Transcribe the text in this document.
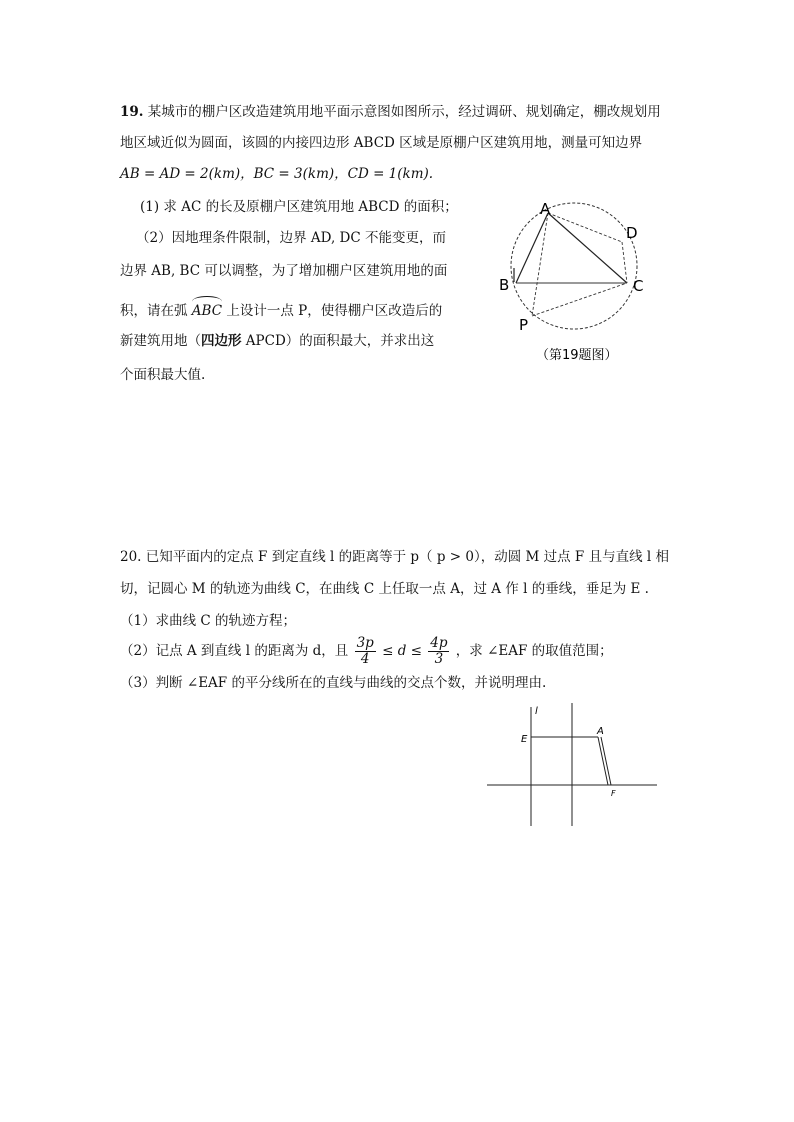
19. 某城市的棚户区改造建筑用地平面示意图如图所示，经过调研、规划确定，棚改规划用
地区域近似为圆面，该圆的内接四边形 ABCD 区域是原棚户区建筑用地，测量可知边界
AB = AD = 2(km)，BC = 3(km)，CD = 1(km).
(1) 求 AC 的长及原棚户区建筑用地 ABCD 的面积；
（2）因地理条件限制，边界 AD, DC 不能变更，而
边界 AB, BC 可以调整，为了增加棚户区建筑用地的面
积，请在弧 ABC 上设计一点 P，使得棚户区改造后的
新建筑用地（四边形 APCD）的面积最大，并求出这
个面积最大值.
A
D
B	C
P
（第19题图）
20. 已知平面内的定点 F 到定直线 l 的距离等于 p（ p > 0），动圆 M 过点 F 且与直线 l 相
切，记圆心 M 的轨迹为曲线 C，在曲线 C 上任取一点 A，过 A 作 l 的垂线，垂足为 E .
（1）求曲线 C 的轨迹方程；
（2）记点 A 到直线 l 的距离为 d，且 $\frac{3p}{4} \le d \le \frac{4p}{3}$ ，求 ∠EAF 的取值范围；
（3）判断 ∠EAF 的平分线所在的直线与曲线的交点个数，并说明理由.
l
E
A
F
